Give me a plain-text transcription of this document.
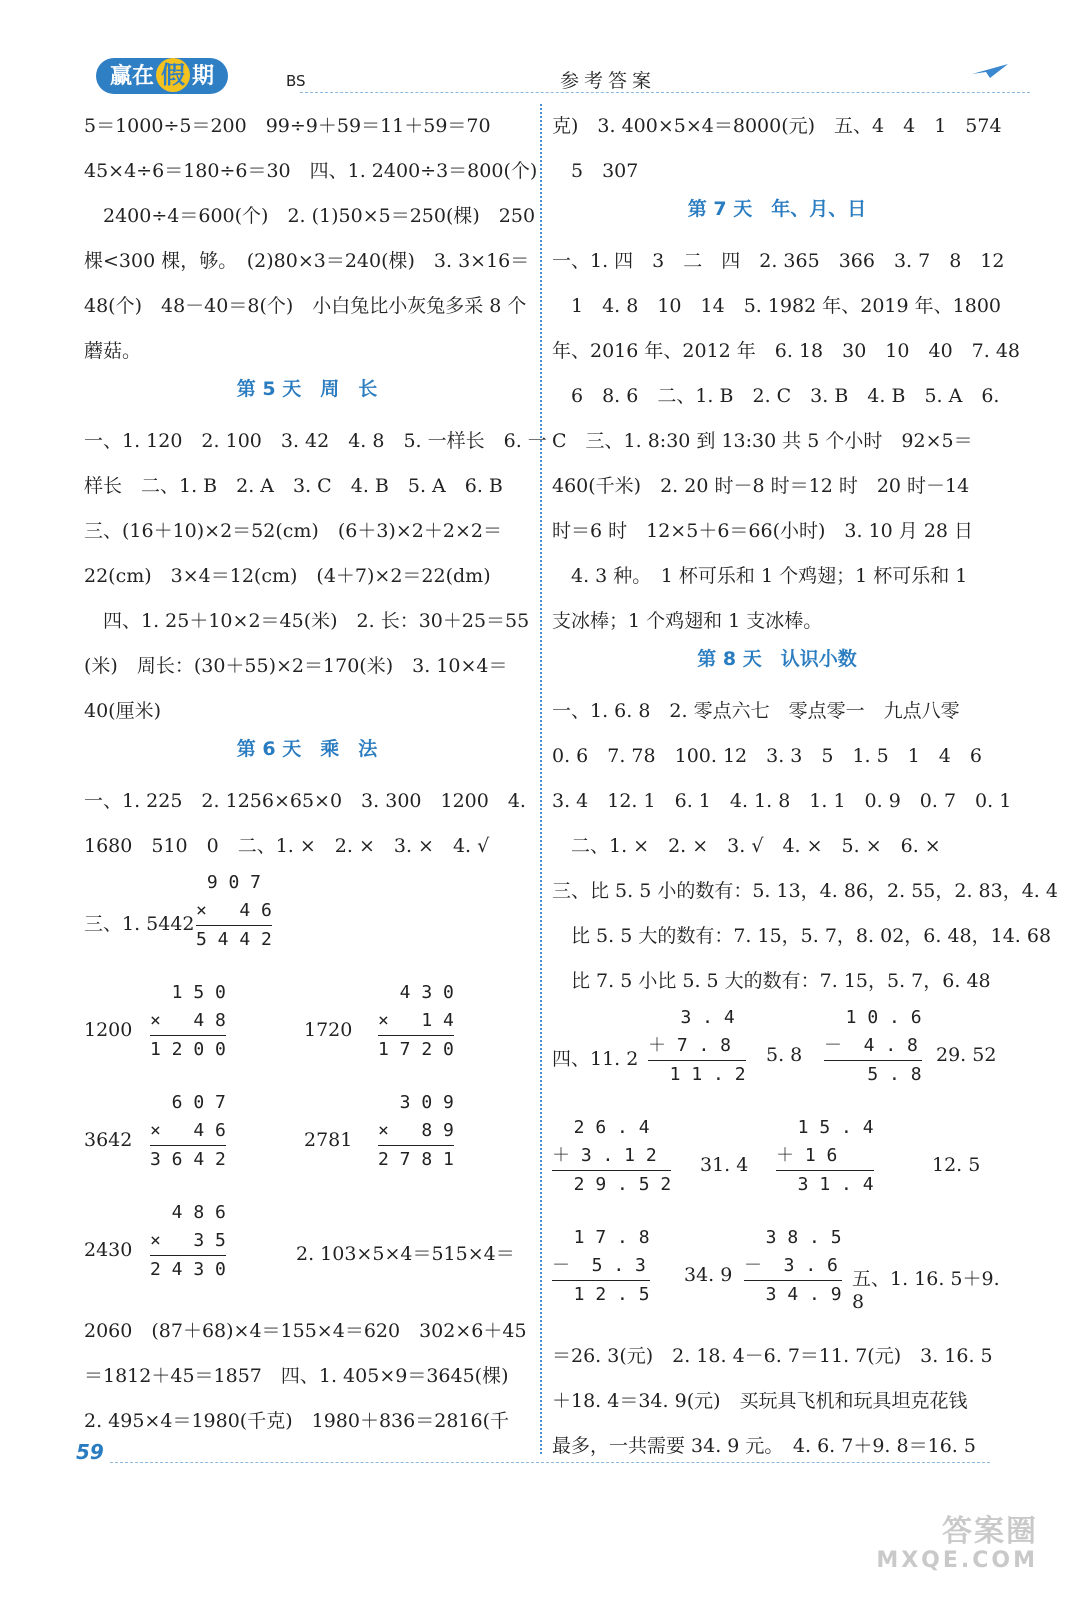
赢在 假 期	BS	参考答案
5＝1000÷5＝200　99÷9＋59＝11＋59＝70
45×4÷6＝180÷6＝30　四、1. 2400÷3＝800(个)
　2400÷4＝600(个)　2. (1)50×5＝250(棵)　250
棵<300 棵，够。　(2)80×3＝240(棵)　3. 3×16＝
48(个)　48－40＝8(个)　小白兔比小灰兔多采 8 个
蘑菇。
第 5 天　周　长
一、1. 120　2. 100　3. 42　4. 8　5. 一样长　6. 一
样长　二、1. B　2. A　3. C　4. B　5. A　6. B
三、(16＋10)×2＝52(cm)　(6＋3)×2＋2×2＝
22(cm)　3×4＝12(cm)　(4＋7)×2＝22(dm)
　四、1. 25＋10×2＝45(米)　2. 长：30＋25＝55
(米)　周长：(30＋55)×2＝170(米)　3. 10×4＝
40(厘米)
第 6 天　乘　法
一、1. 225　2. 1256×65×0　3. 300　1200　4.
1680　510　0　二、1. ×　2. ×　3. ×　4. √
三、1. 5442
9 0 7
×   4 6
5 4 4 2
1200
1 5 0
×   4 8
1 2 0 0
1720
4 3 0
×   1 4
1 7 2 0
3642
6 0 7
×   4 6
3 6 4 2
2781
3 0 9
×   8 9
2 7 8 1
2430
4 8 6
×   3 5
2 4 3 0
2. 103×5×4＝515×4＝
2060　(87＋68)×4＝155×4＝620　302×6＋45
＝1812＋45＝1857　四、1. 405×9＝3645(棵)
2. 495×4＝1980(千克)　1980＋836＝2816(千
克)　3. 400×5×4＝8000(元)　五、4　4　1　574
　5　307
第 7 天　年、月、日
一、1. 四　3　二　四　2. 365　366　3. 7　8　12
　1　4. 8　10　14　5. 1982 年、2019 年、1800
年、2016 年、2012 年　6. 18　30　10　40　7. 48
　6　8. 6　二、1. B　2. C　3. B　4. B　5. A　6.
C　三、1. 8:30 到 13:30 共 5 个小时　92×5＝
460(千米)　2. 20 时－8 时＝12 时　20 时－14
时＝6 时　12×5＋6＝66(小时)　3. 10 月 28 日
　4. 3 种。　1 杯可乐和 1 个鸡翅；1 杯可乐和 1
支冰棒；1 个鸡翅和 1 支冰棒。
第 8 天　认识小数
一、1. 6. 8　2. 零点六七　零点零一　九点八零
0. 6　7. 78　100. 12　3. 3　5　1. 5　1　4　6
3. 4　12. 1　6. 1　4. 1. 8　1. 1　0. 9　0. 7　0. 1
　二、1. ×　2. ×　3. √　4. ×　5. ×　6. ×
三、比 5. 5 小的数有：5. 13，4. 86，2. 55，2. 83，4. 4
　比 5. 5 大的数有：7. 15，5. 7，8. 02，6. 48，14. 68
　比 7. 5 小比 5. 5 大的数有：7. 15，5. 7，6. 48
四、11. 2
3 . 4
＋ 7 . 8
1 1 . 2
5. 8
1 0 . 6
－  4 . 8
5 . 8
29. 52
2 6 . 4
＋ 3 . 1 2
2 9 . 5 2
31. 4
1 5 . 4
＋ 1 6
3 1 . 4
12. 5
1 7 . 8
－  5 . 3
1 2 . 5
34. 9
3 8 . 5
－  3 . 6
3 4 . 9
五、1. 16. 5＋9. 8
＝26. 3(元)　2. 18. 4－6. 7＝11. 7(元)　3. 16. 5
＋18. 4＝34. 9(元)　买玩具飞机和玩具坦克花钱
最多，一共需要 34. 9 元。　4. 6. 7＋9. 8＝16. 5
59
答案圈
MXQE.COM
